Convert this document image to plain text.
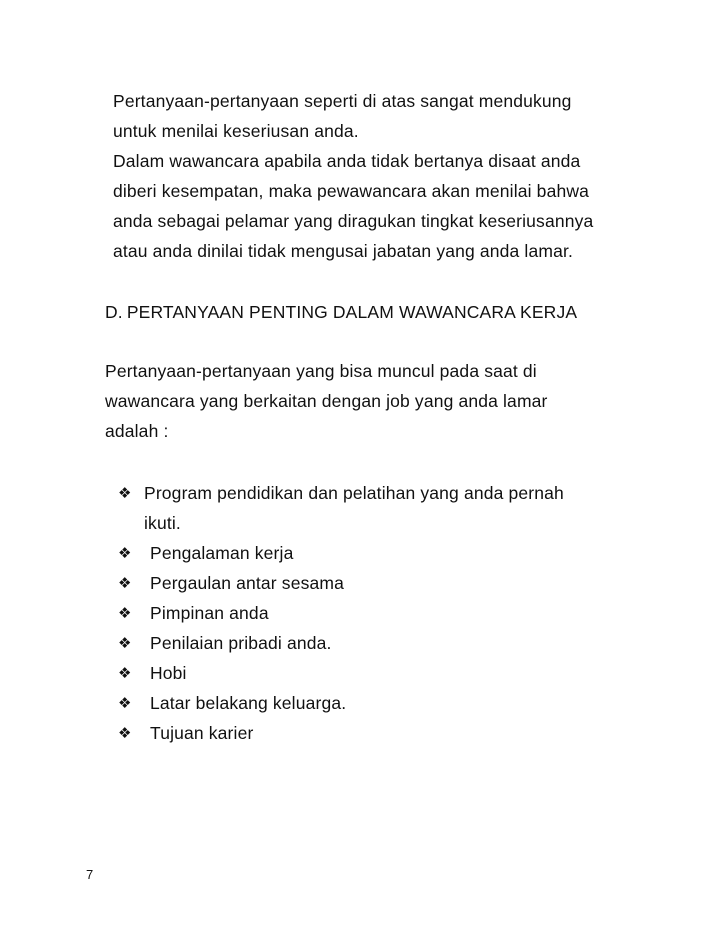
Pertanyaan-pertanyaan seperti di atas sangat mendukung
untuk menilai keseriusan anda.
Dalam wawancara apabila anda tidak bertanya disaat anda
diberi kesempatan, maka pewawancara akan menilai bahwa
anda sebagai pelamar yang diragukan tingkat keseriusannya
atau anda dinilai tidak mengusai jabatan yang anda lamar.
D. PERTANYAAN PENTING DALAM WAWANCARA KERJA
Pertanyaan-pertanyaan yang bisa muncul pada saat di
wawancara yang berkaitan dengan job yang anda lamar
adalah :
❖ Program pendidikan dan pelatihan yang anda pernah
ikuti.
❖	Pengalaman kerja
❖	Pergaulan antar sesama
❖	Pimpinan anda
❖	Penilaian pribadi anda.
❖	Hobi
❖	Latar belakang keluarga.
❖	Tujuan karier
7
